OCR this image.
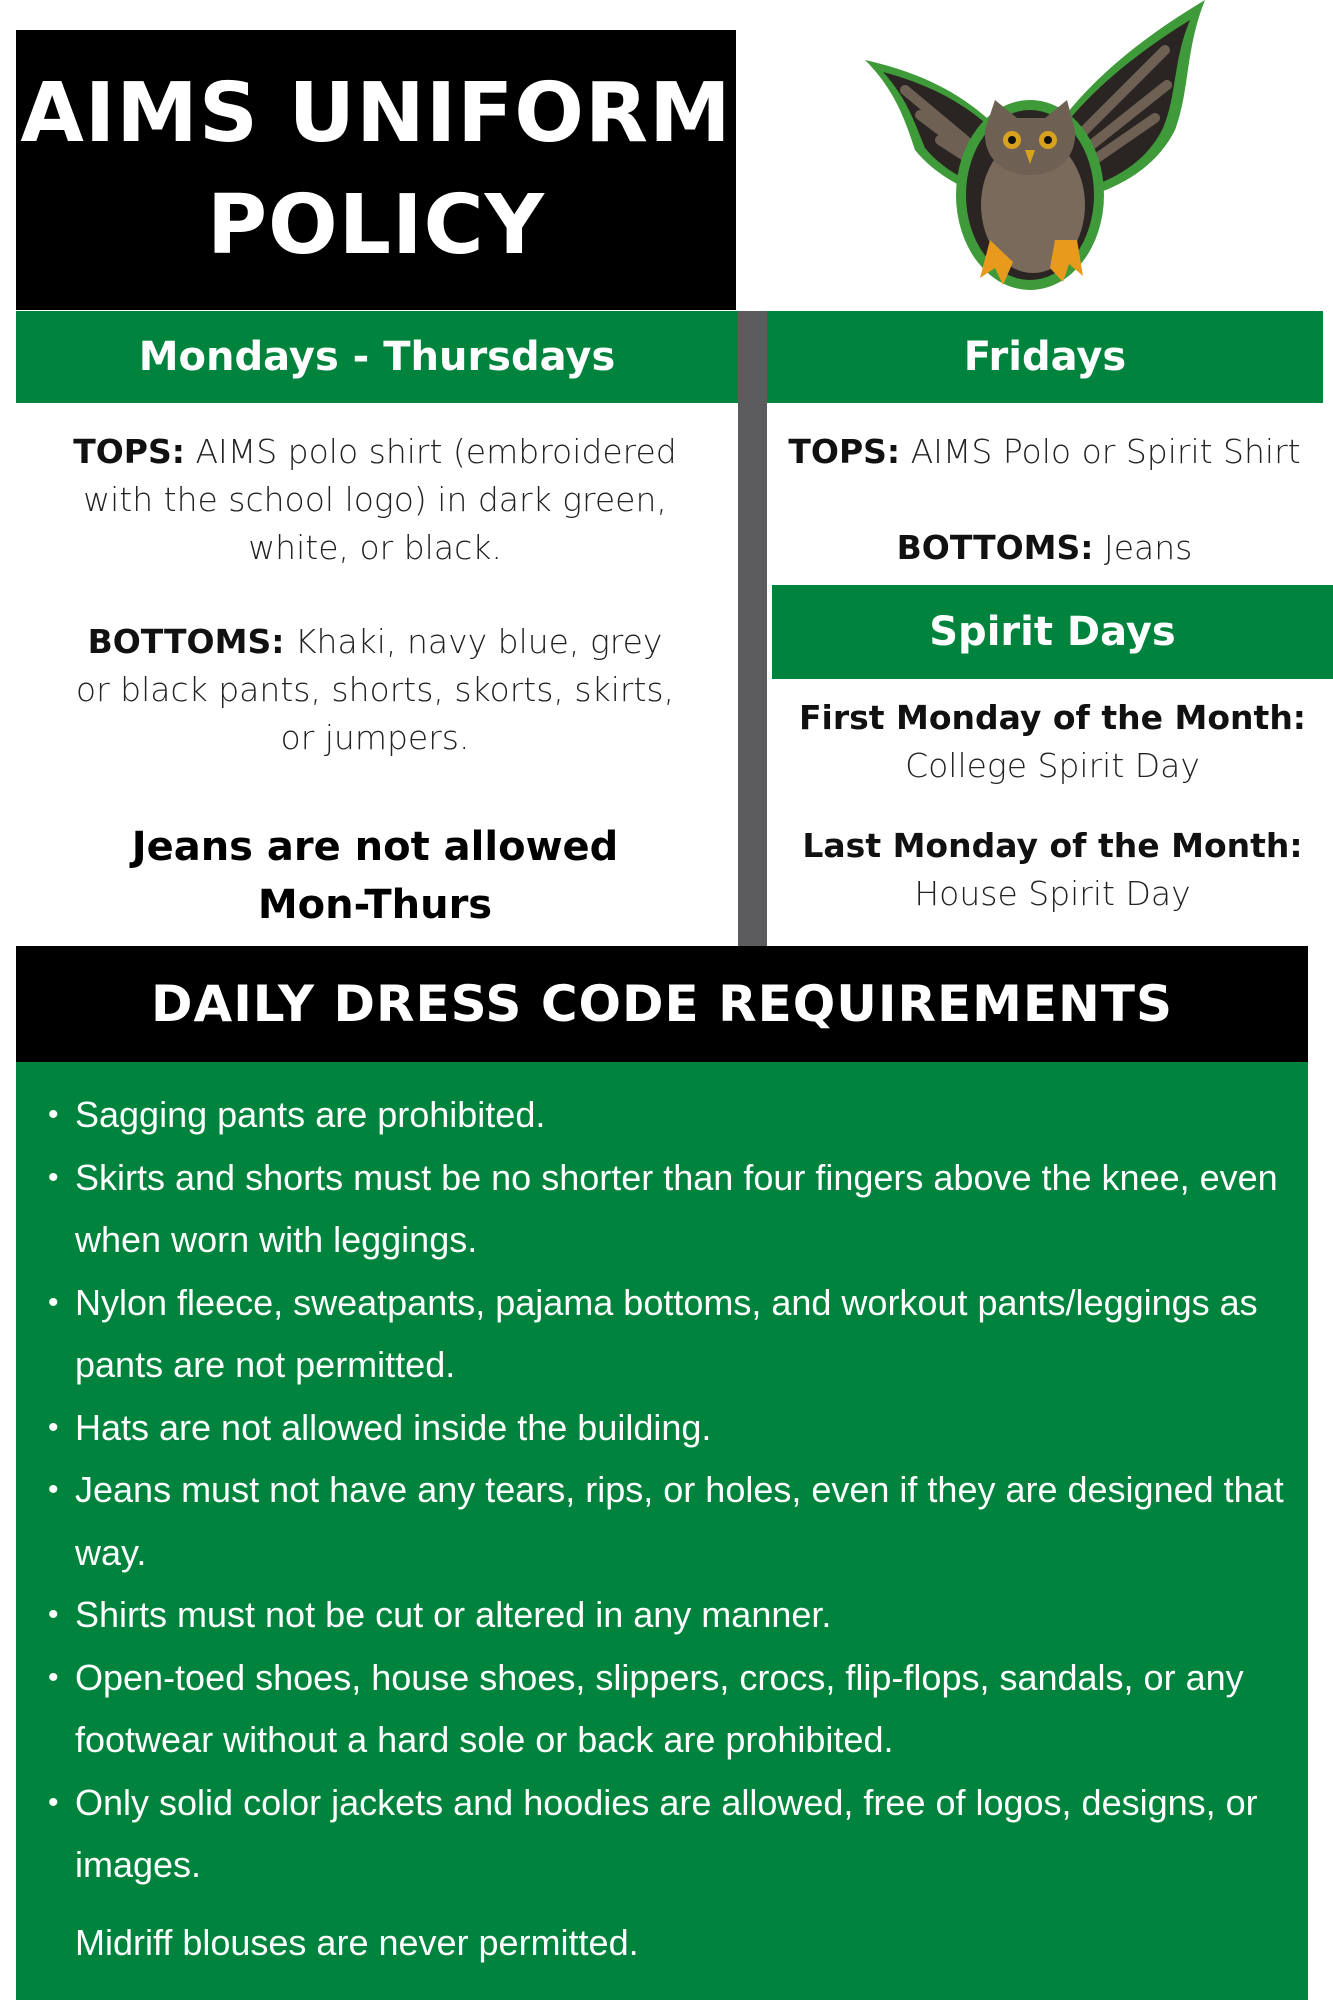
AIMS UNIFORM
POLICY
Mondays - Thursdays
TOPS: AIMS polo shirt (embroidered with the school logo) in dark green, white, or black.
BOTTOMS: Khaki, navy blue, grey or black pants, shorts, skorts, skirts, or jumpers.
Jeans are not allowed
Mon-Thurs
Fridays
TOPS: AIMS Polo or Spirit Shirt
BOTTOMS: Jeans
Spirit Days
First Monday of the Month:
College Spirit Day
Last Monday of the Month:
House Spirit Day
DAILY DRESS CODE REQUIREMENTS
• Sagging pants are prohibited.
• Skirts and shorts must be no shorter than four fingers above the knee, even when worn with leggings.
• Nylon fleece, sweatpants, pajama bottoms, and workout pants/leggings as pants are not permitted.
• Hats are not allowed inside the building.
• Jeans must not have any tears, rips, or holes, even if they are designed that way.
• Shirts must not be cut or altered in any manner.
• Open-toed shoes, house shoes, slippers, crocs, flip-flops, sandals, or any footwear without a hard sole or back are prohibited.
• Only solid color jackets and hoodies are allowed, free of logos, designs, or images.
Midriff blouses are never permitted.
